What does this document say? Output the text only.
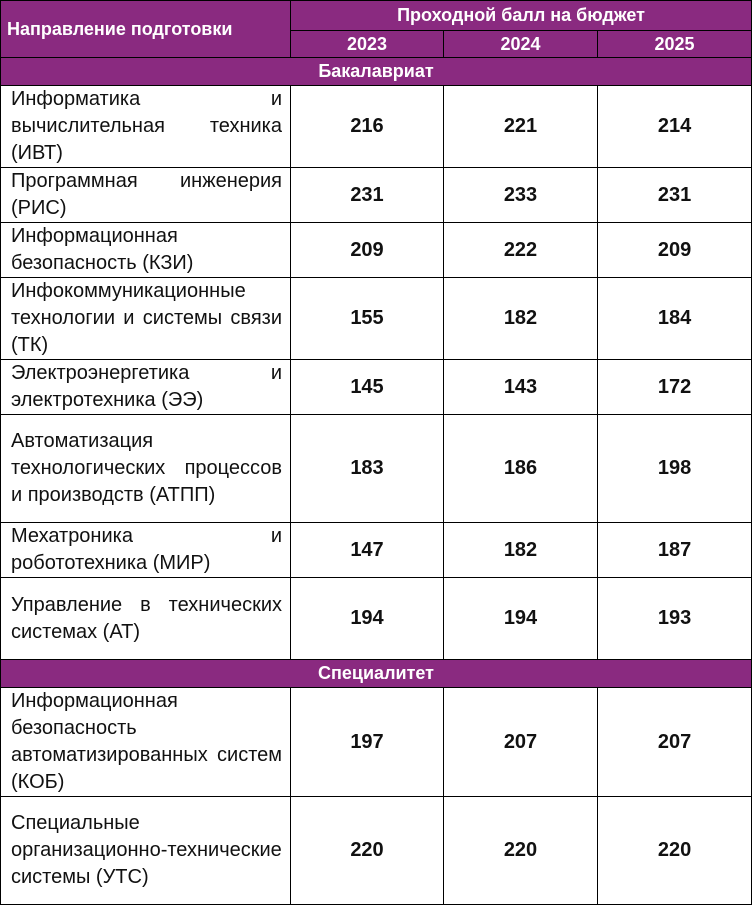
Направление подготовки	Проходной балл на бюджет		
	2023	2024	2025
Бакалавриат			
Информатика и вычислительная техника (ИВТ)	216	221	214
Программная инженерия (РИС)	231	233	231
Информационная безопасность (КЗИ)	209	222	209
Инфокоммуникационные технологии и системы связи (ТК)	155	182	184
Электроэнергетика и электротехника (ЭЭ)	145	143	172
Автоматизация технологических процессов и производств (АТПП)	183	186	198
Мехатроника и робототехника (МИР)	147	182	187
Управление в технических системах (АТ)	194	194	193
Специалитет			
Информационная безопасность автоматизированных систем (КОБ)	197	207	207
Специальные организационно-технические системы (УТС)	220	220	220
